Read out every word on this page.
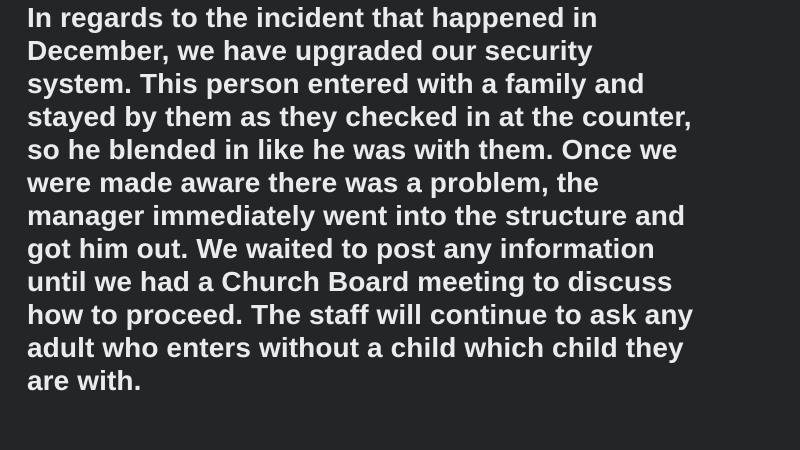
In regards to the incident that happened in
December, we have upgraded our security
system. This person entered with a family and
stayed by them as they checked in at the counter,
so he blended in like he was with them. Once we
were made aware there was a problem, the
manager immediately went into the structure and
got him out. We waited to post any information
until we had a Church Board meeting to discuss
how to proceed. The staff will continue to ask any
adult who enters without a child which child they
are with.
